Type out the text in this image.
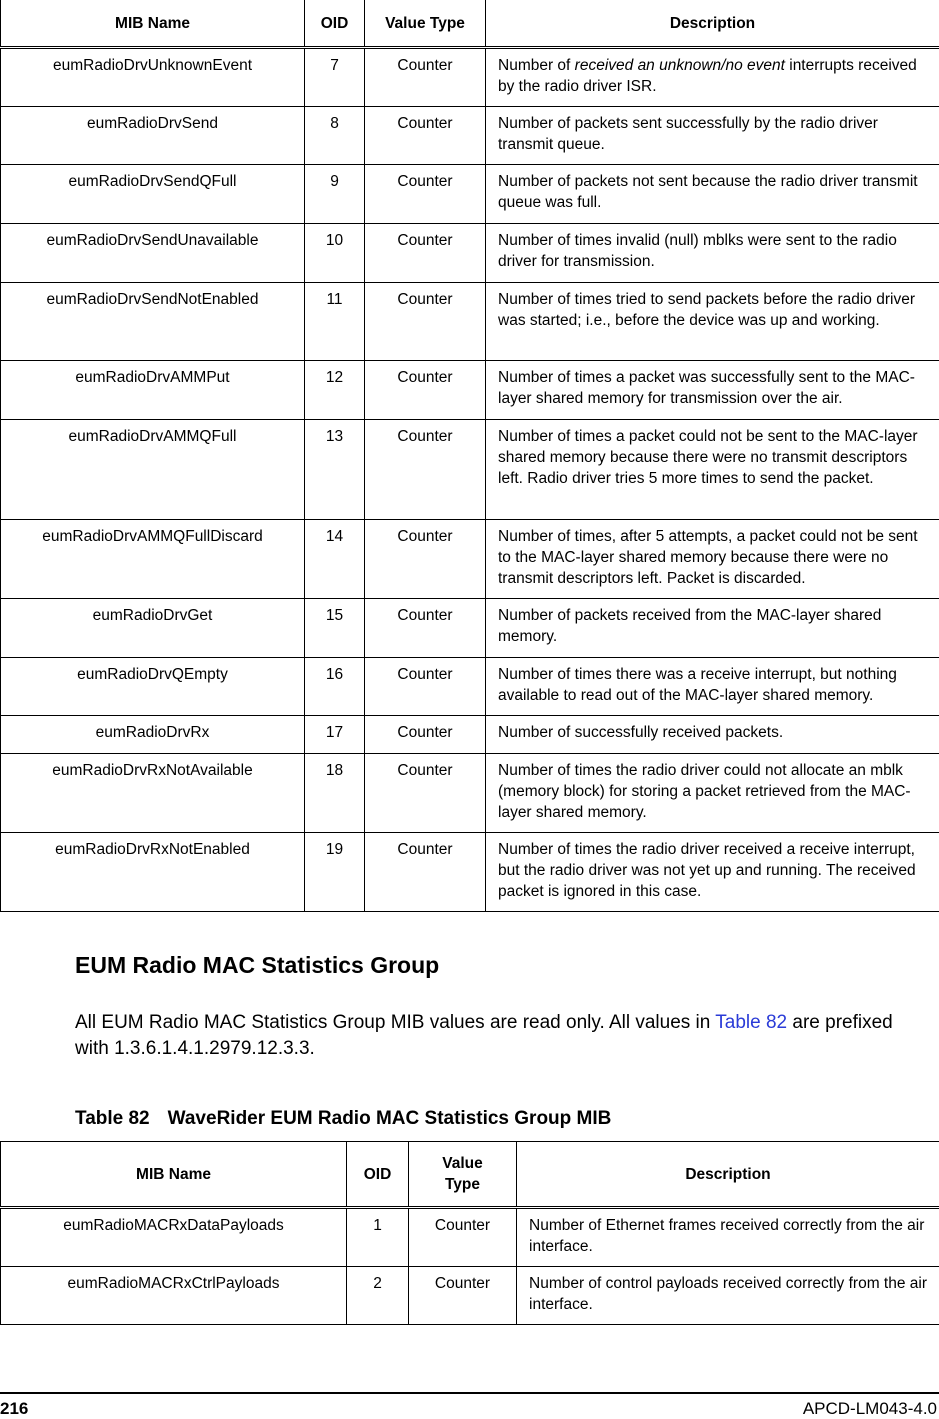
MIB Name	OID	Value Type	Description
eumRadioDrvUnknownEvent	7	Counter	Number of received an unknown/no event interrupts received by the radio driver ISR.
eumRadioDrvSend	8	Counter	Number of packets sent successfully by the radio driver transmit queue.
eumRadioDrvSendQFull	9	Counter	Number of packets not sent because the radio driver transmit queue was full.
eumRadioDrvSendUnavailable	10	Counter	Number of times invalid (null) mblks were sent to the radio driver for transmission.
eumRadioDrvSendNotEnabled	11	Counter	Number of times tried to send packets before the radio driver was started; i.e., before the device was up and working.
eumRadioDrvAMMPut	12	Counter	Number of times a packet was successfully sent to the MAC-layer shared memory for transmission over the air.
eumRadioDrvAMMQFull	13	Counter	Number of times a packet could not be sent to the MAC-layer shared memory because there were no transmit descriptors left. Radio driver tries 5 more times to send the packet.
eumRadioDrvAMMQFullDiscard	14	Counter	Number of times, after 5 attempts, a packet could not be sent to the MAC-layer shared memory because there were no transmit descriptors left. Packet is discarded.
eumRadioDrvGet	15	Counter	Number of packets received from the MAC-layer shared memory.
eumRadioDrvQEmpty	16	Counter	Number of times there was a receive interrupt, but nothing available to read out of the MAC-layer shared memory.
eumRadioDrvRx	17	Counter	Number of successfully received packets.
eumRadioDrvRxNotAvailable	18	Counter	Number of times the radio driver could not allocate an mblk (memory block) for storing a packet retrieved from the MAC-layer shared memory.
eumRadioDrvRxNotEnabled	19	Counter	Number of times the radio driver received a receive interrupt, but the radio driver was not yet up and running. The received packet is ignored in this case.
EUM Radio MAC Statistics Group

All EUM Radio MAC Statistics Group MIB values are read only. All values in Table 82 are prefixed with 1.3.6.1.4.1.2979.12.3.3.

Table 82 WaveRider EUM Radio MAC Statistics Group MIB

MIB Name	OID	Value Type	Description
eumRadioMACRxDataPayloads	1	Counter	Number of Ethernet frames received correctly from the air interface.
eumRadioMACRxCtrlPayloads	2	Counter	Number of control payloads received correctly from the air interface.
216	APCD-LM043-4.0
